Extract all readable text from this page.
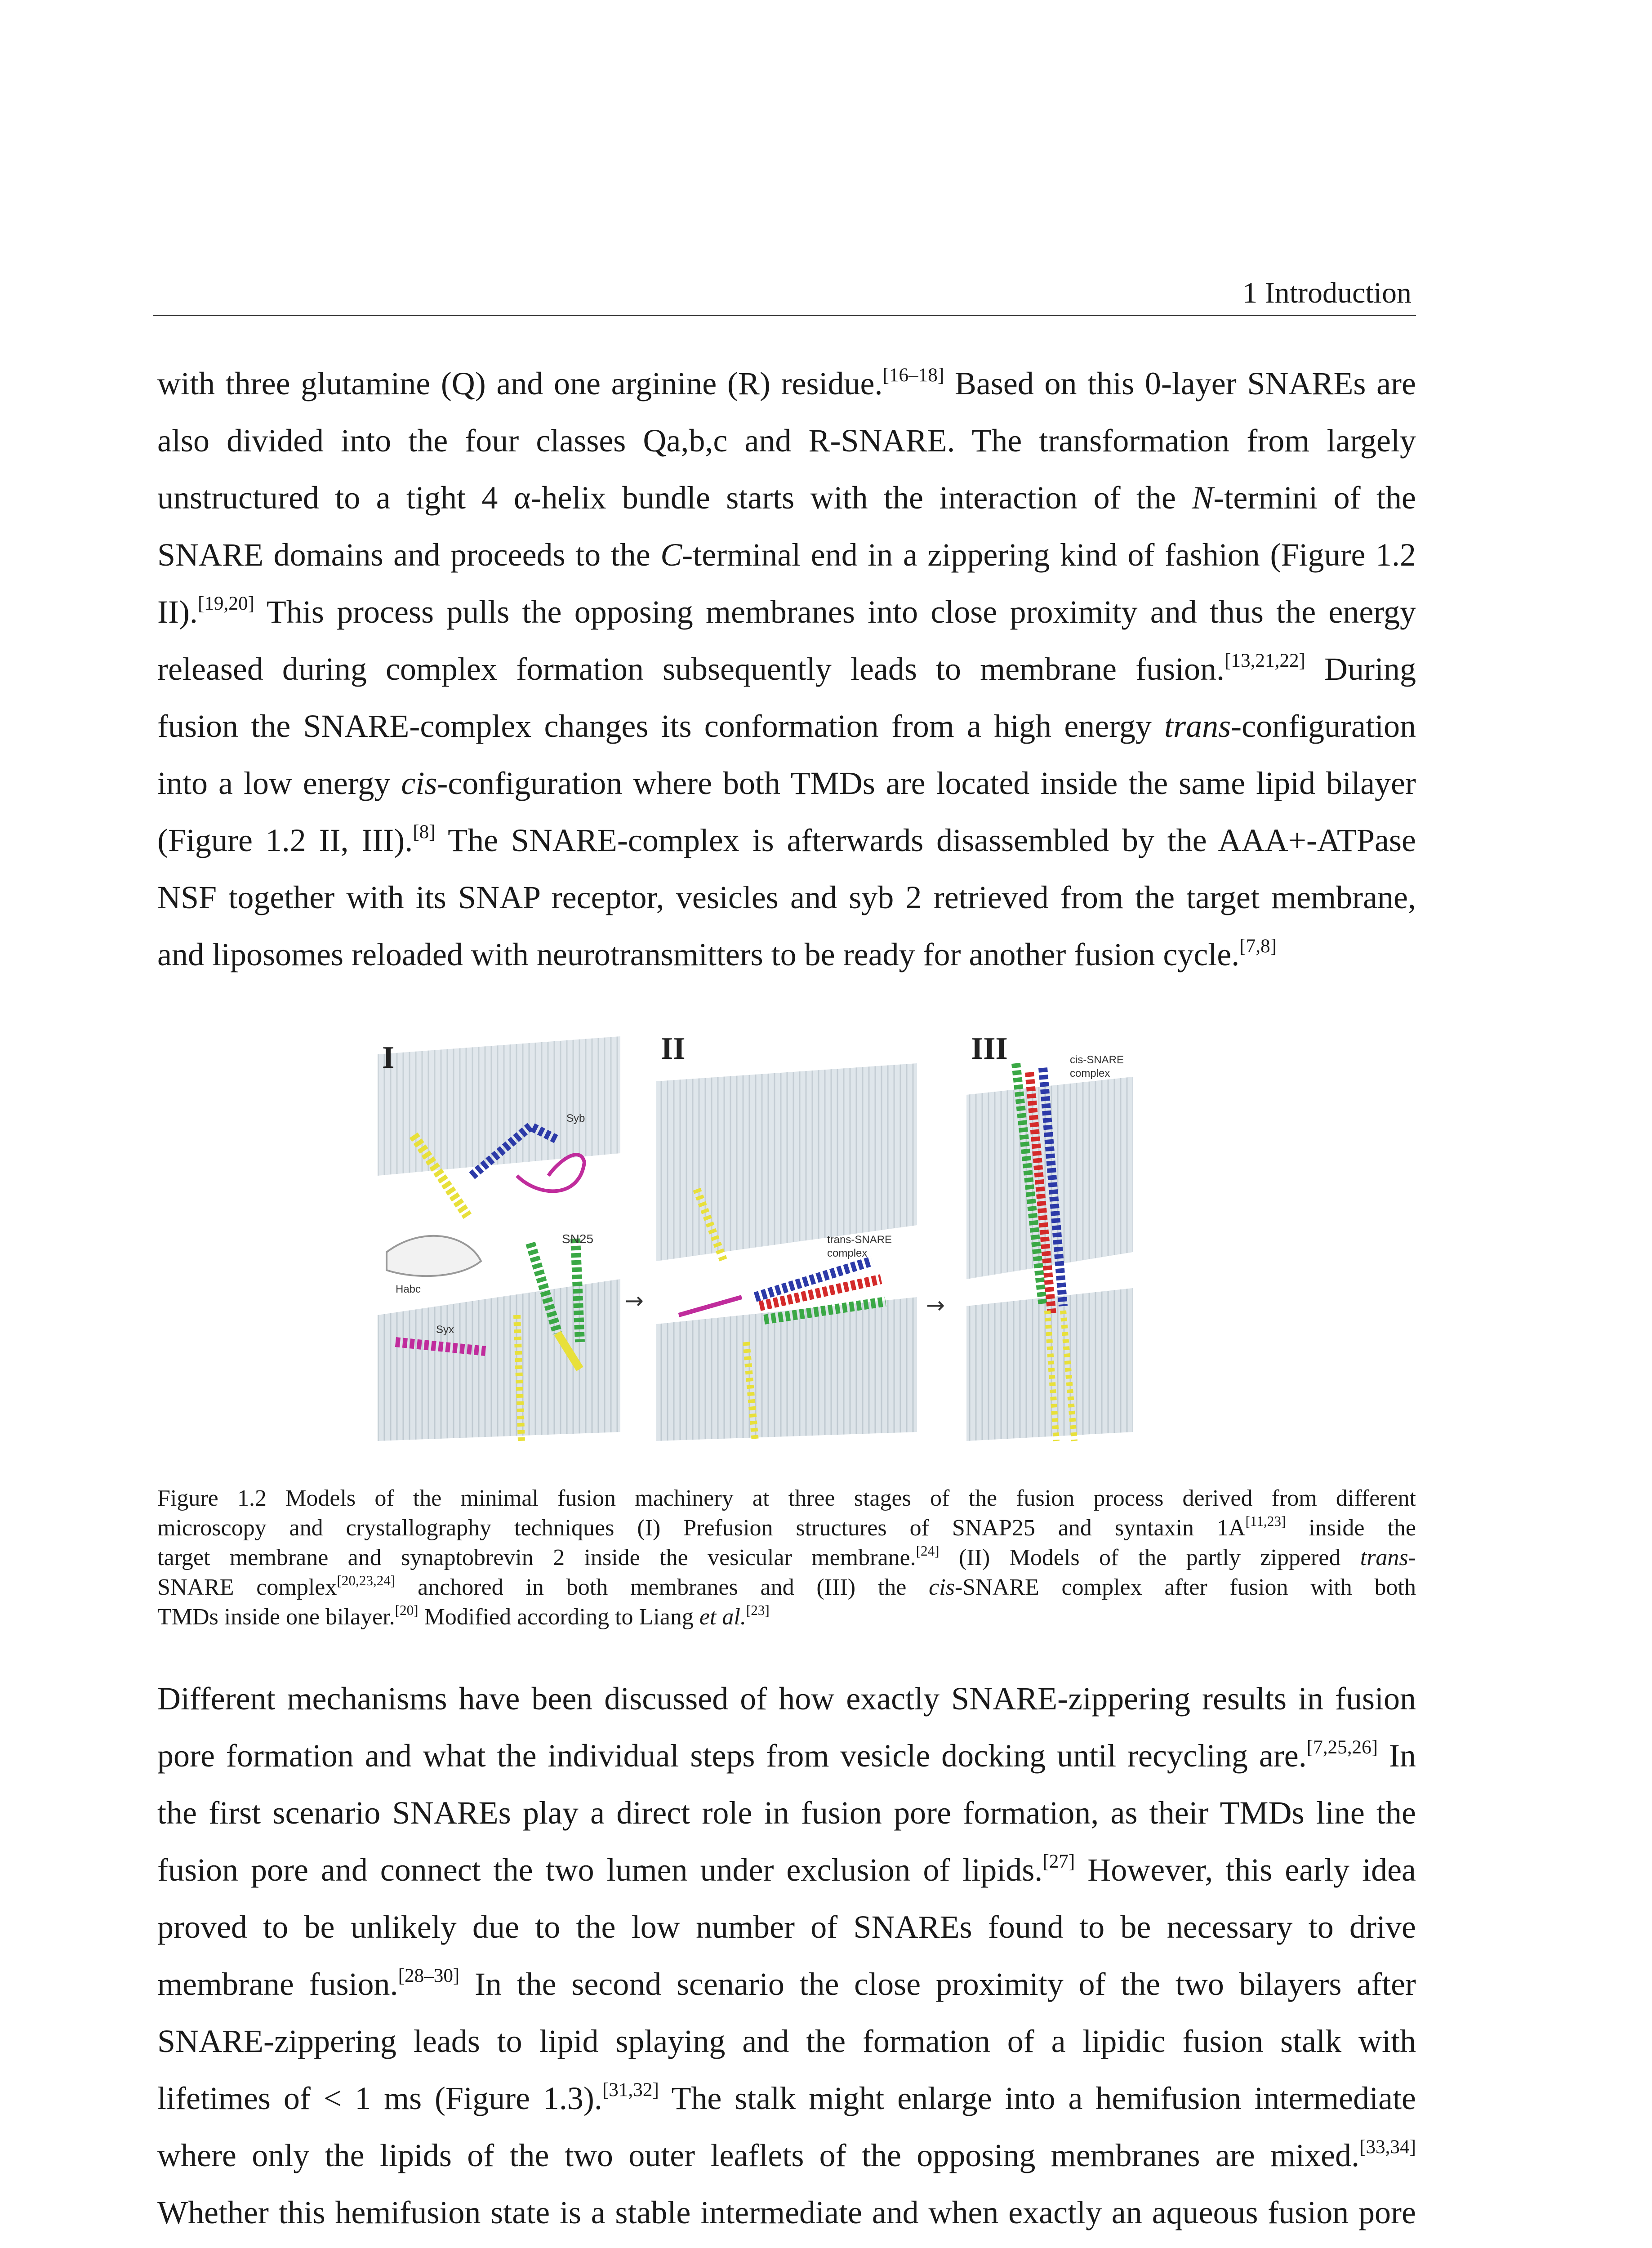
1 Introduction
with three glutamine (Q) and one arginine (R) residue.[16–18] Based on this 0-layer SNAREs are
also divided into the four classes Qa,b,c and R-SNARE. The transformation from largely
unstructured to a tight 4 α-helix bundle starts with the interaction of the N-termini of the
SNARE domains and proceeds to the C-terminal end in a zippering kind of fashion (Figure 1.2
II).[19,20] This process pulls the opposing membranes into close proximity and thus the energy
released during complex formation subsequently leads to membrane fusion.[13,21,22] During
fusion the SNARE-complex changes its conformation from a high energy trans-configuration
into a low energy cis-configuration where both TMDs are located inside the same lipid bilayer
(Figure 1.2 II, III).[8] The SNARE-complex is afterwards disassembled by the AAA+-ATPase
NSF together with its SNAP receptor, vesicles and syb 2 retrieved from the target membrane,
and liposomes reloaded with neurotransmitters to be ready for another fusion cycle.[7,8]
I
Syb
SN25
Habc
Syx
→
II
trans-SNARE complex
→
III	cis-SNARE complex
Figure 1.2 Models of the minimal fusion machinery at three stages of the fusion process derived from different
microscopy and crystallography techniques (I) Prefusion structures of SNAP25 and syntaxin 1A[11,23] inside the
target membrane and synaptobrevin 2 inside the vesicular membrane.[24] (II) Models of the partly zippered trans-
SNARE complex[20,23,24] anchored in both membranes and (III) the cis-SNARE complex after fusion with both
TMDs inside one bilayer.[20] Modified according to Liang et al.[23]
Different mechanisms have been discussed of how exactly SNARE-zippering results in fusion
pore formation and what the individual steps from vesicle docking until recycling are.[7,25,26] In
the first scenario SNAREs play a direct role in fusion pore formation, as their TMDs line the
fusion pore and connect the two lumen under exclusion of lipids.[27] However, this early idea
proved to be unlikely due to the low number of SNAREs found to be necessary to drive
membrane fusion.[28–30] In the second scenario the close proximity of the two bilayers after
SNARE-zippering leads to lipid splaying and the formation of a lipidic fusion stalk with
lifetimes of < 1 ms (Figure 1.3).[31,32] The stalk might enlarge into a hemifusion intermediate
where only the lipids of the two outer leaflets of the opposing membranes are mixed.[33,34]
Whether this hemifusion state is a stable intermediate and when exactly an aqueous fusion pore
